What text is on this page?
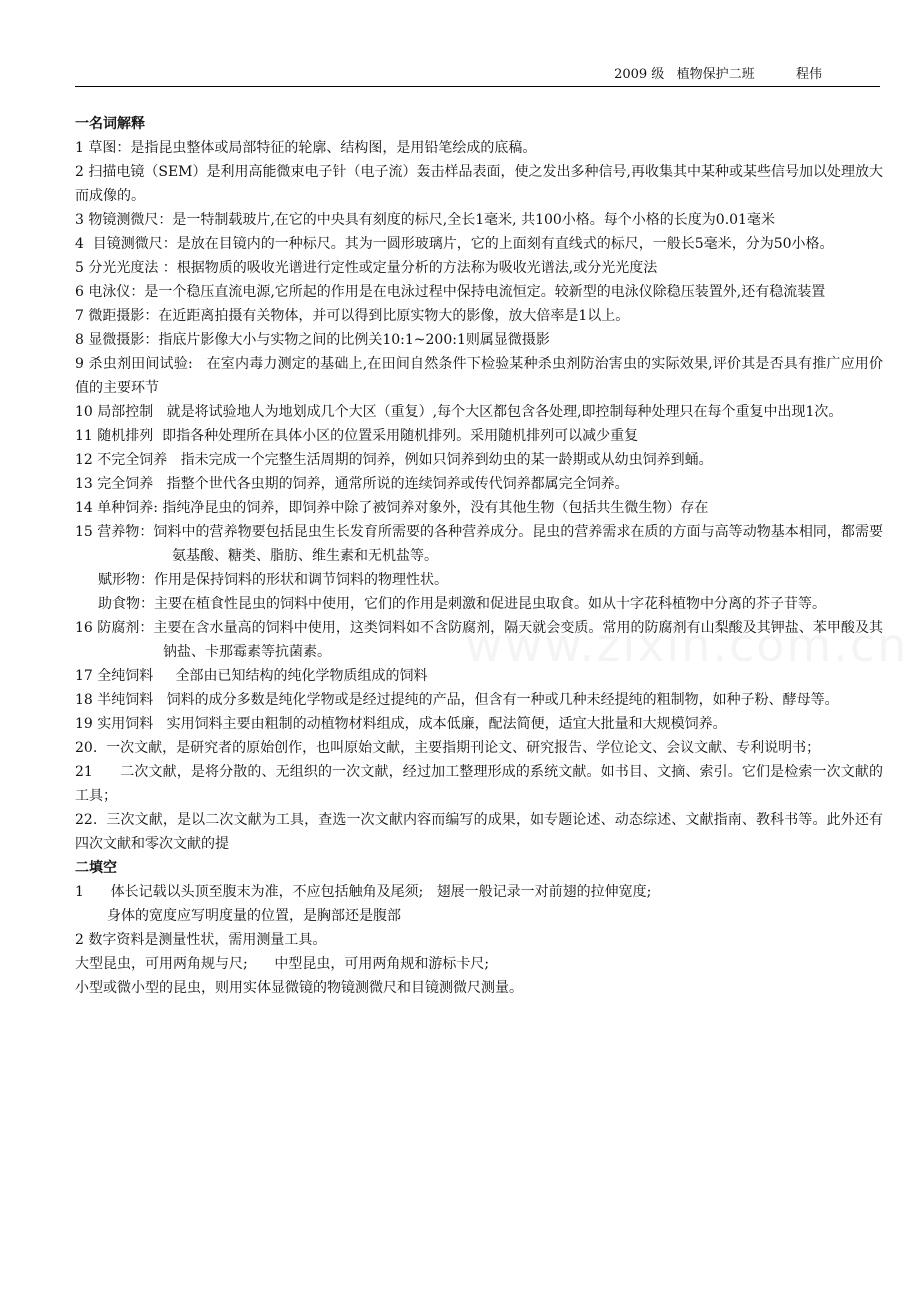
2009 级   植物保护二班          程伟

一名词解释

1 草图：是指昆虫整体或局部特征的轮廓、结构图，是用铅笔绘成的底稿。

2 扫描电镜（SEM）是利用高能微束电子针（电子流）轰击样品表面，使之发出多种信号,再收集其中某种或某些信号加以处理放大而成像的。

3 物镜测微尺：是一特制载玻片,在它的中央具有刻度的标尺,全长1毫米, 共100小格。每个小格的长度为0.01毫米

4  目镜测微尺：是放在目镜内的一种标尺。其为一圆形玻璃片，它的上面刻有直线式的标尺，一般长5毫米，分为50小格。

5 分光光度法 ：根据物质的吸收光谱进行定性或定量分析的方法称为吸收光谱法,或分光光度法

6 电泳仪：是一个稳压直流电源,它所起的作用是在电泳过程中保持电流恒定。较新型的电泳仪除稳压装置外,还有稳流装置

7 微距摄影：在近距离拍摄有关物体，并可以得到比原实物大的影像，放大倍率是1以上。

8 显微摄影：指底片影像大小与实物之间的比例关10:1~200:1则属显微摄影

9 杀虫剂田间试验:   在室内毒力测定的基础上,在田间自然条件下检验某种杀虫剂防治害虫的实际效果,评价其是否具有推广应用价值的主要环节

10 局部控制   就是将试验地人为地划成几个大区（重复）,每个大区都包含各处理,即控制每种处理只在每个重复中出现1次。

11 随机排列  即指各种处理所在具体小区的位置采用随机排列。采用随机排列可以减少重复

12 不完全饲养   指未完成一个完整生活周期的饲养，例如只饲养到幼虫的某一龄期或从幼虫饲养到蛹。

13 完全饲养   指整个世代各虫期的饲养，通常所说的连续饲养或传代饲养都属完全饲养。

14 单种饲养: 指纯净昆虫的饲养，即饲养中除了被饲养对象外，没有其他生物（包括共生微生物）存在

15 营养物：饲料中的营养物要包括昆虫生长发育所需要的各种营养成分。昆虫的营养需求在质的方面与高等动物基本相同，都需要氨基酸、糖类、脂肪、维生素和无机盐等。

赋形物：作用是保持饲料的形状和调节饲料的物理性状。

助食物：主要在植食性昆虫的饲料中使用，它们的作用是刺激和促进昆虫取食。如从十字花科植物中分离的芥子苷等。

16 防腐剂：主要在含水量高的饲料中使用，这类饲料如不含防腐剂，隔天就会变质。常用的防腐剂有山梨酸及其钾盐、苯甲酸及其钠盐、卡那霉素等抗菌素。

17 全纯饲料     全部由已知结构的纯化学物质组成的饲料

18 半纯饲料   饲料的成分多数是纯化学物或是经过提纯的产品，但含有一种或几种未经提纯的粗制物，如种子粉、酵母等。

19 实用饲料   实用饲料主要由粗制的动植物材料组成，成本低廉，配法简便，适宜大批量和大规模饲养。

20.  一次文献，是研究者的原始创作，也叫原始文献，主要指期刊论文、研究报告、学位论文、会议文献、专利说明书；

21      二次文献，是将分散的、无组织的一次文献，经过加工整理形成的系统文献。如书目、文摘、索引。它们是检索一次文献的工具；

22.  三次文献，是以二次文献为工具，查选一次文献内容而编写的成果，如专题论述、动态综述、文献指南、教科书等。此外还有四次文献和零次文献的提

二填空

1      体长记载以头顶至腹末为准，不应包括触角及尾须;   翅展一般记录一对前翅的拉伸宽度;

身体的宽度应写明度量的位置，是胸部还是腹部

2 数字资料是测量性状，需用测量工具。

大型昆虫，可用两角规与尺;      中型昆虫，可用两角规和游标卡尺;

小型或微小型的昆虫，则用实体显微镜的物镜测微尺和目镜测微尺测量。
